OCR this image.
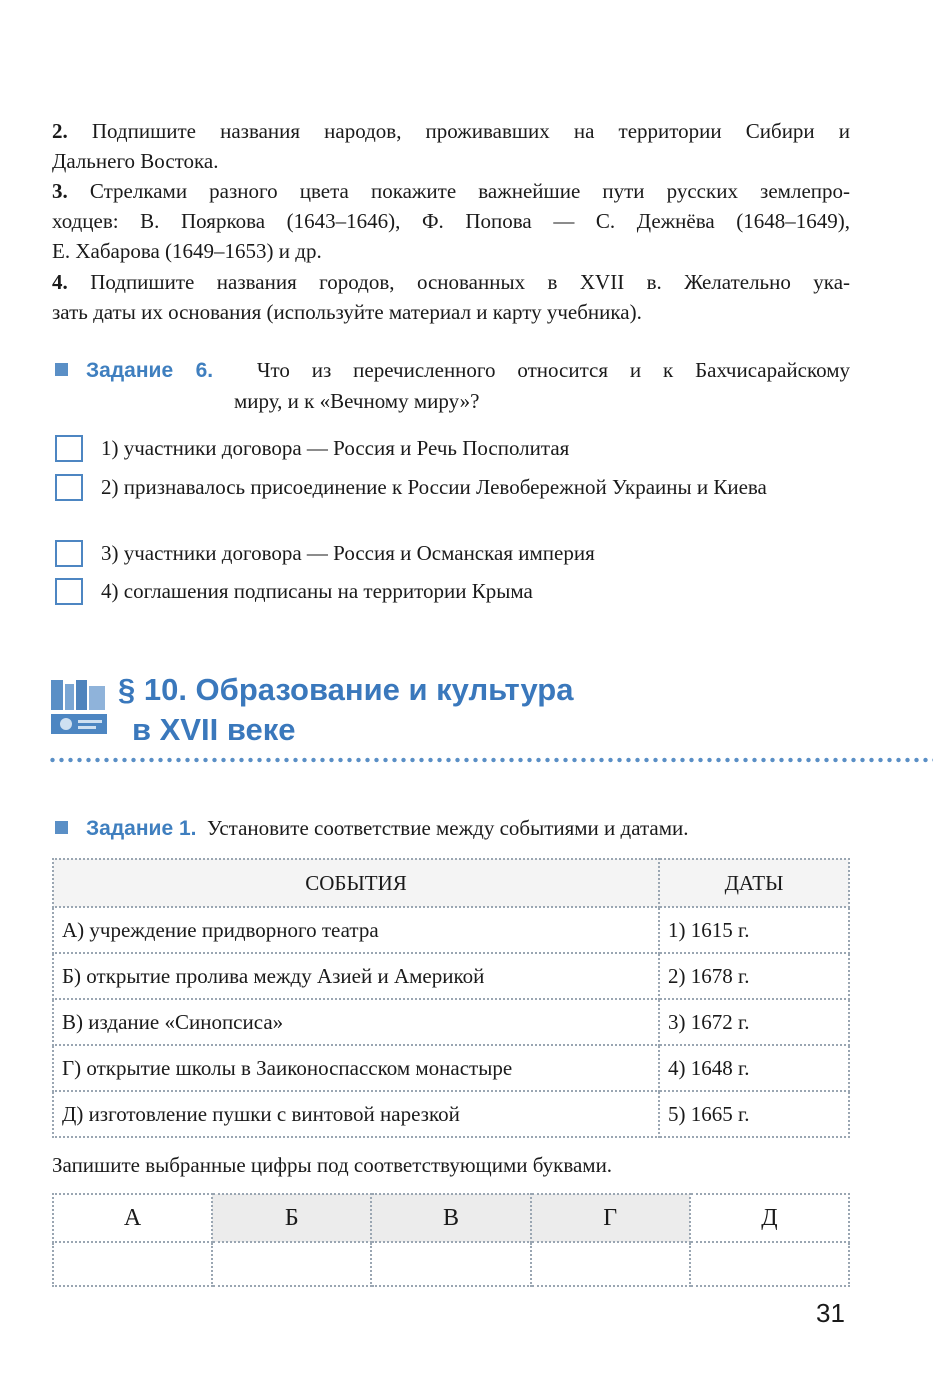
2. Подпишите названия народов, проживавших на территории Сибири и
Дальнего Востока.
3. Стрелками разного цвета покажите важнейшие пути русских землепро-
ходцев: В. Пояркова (1643–1646), Ф. Попова — С. Дежнёва (1648–1649),
Е. Хабарова (1649–1653) и др.
4. Подпишите названия городов, основанных в XVII в. Желательно ука-
зать даты их основания (используйте материал и карту учебника).
Задание 6. Что из перечисленного относится и к Бахчисарайскому
миру, и к «Вечному миру»?
1) участники договора — Россия и Речь Посполитая
2) признавалось присоединение к России Левобережной Украины и Киева
3) участники договора — Россия и Османская империя
4) соглашения подписаны на территории Крыма
§ 10. Образование и культура
в XVII веке
Задание 1. Установите соответствие между событиями и датами.
СОБЫТИЯ	ДАТЫ
А) учреждение придворного театра	1) 1615 г.
Б) открытие пролива между Азией и Америкой	2) 1678 г.
В) издание «Синопсиса»	3) 1672 г.
Г) открытие школы в Заиконоспасском монастыре	4) 1648 г.
Д) изготовление пушки с винтовой нарезкой	5) 1665 г.
Запишите выбранные цифры под соответствующими буквами.
А	Б	В	Г	Д

31
